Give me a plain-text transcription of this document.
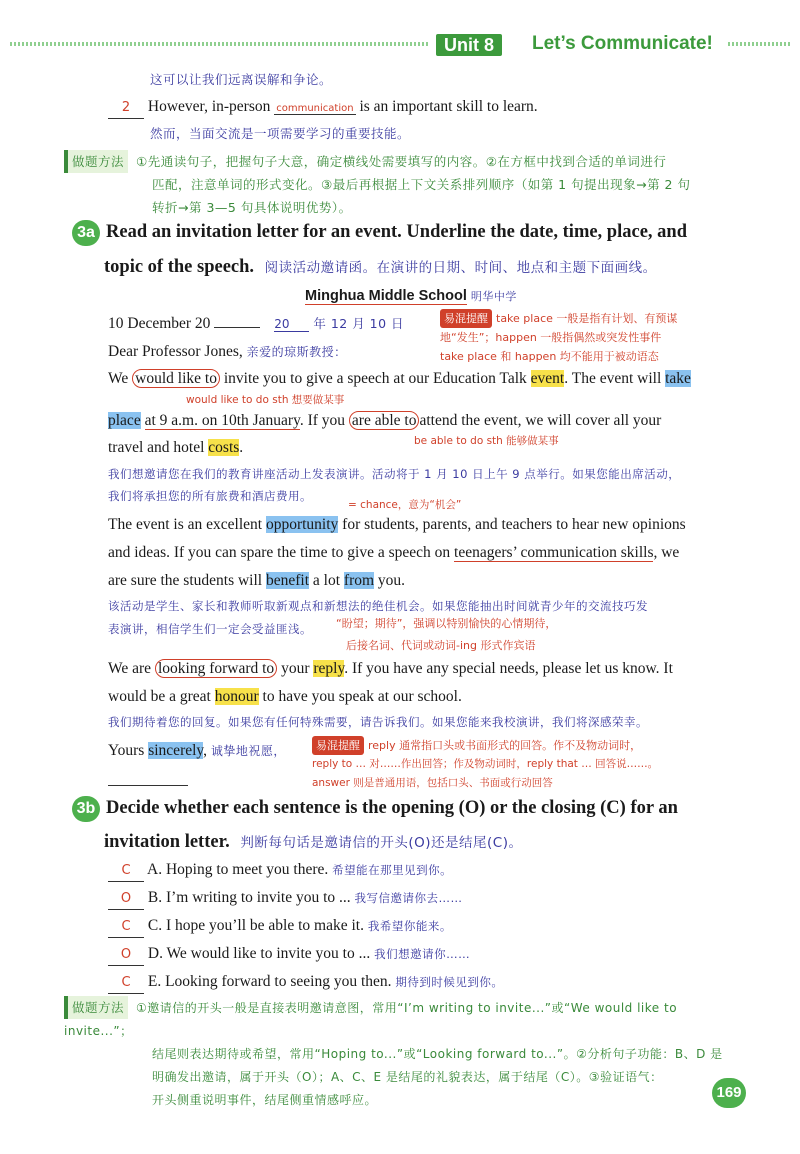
Unit 8	Let’s Communicate!
这可以让我们远离误解和争论。
2 However, in-person communication is an important skill to learn.
然而，当面交流是一项需要学习的重要技能。
做题方法 ①先通读句子，把握句子大意，确定横线处需要填写的内容。②在方框中找到合适的单词进行
匹配，注意单词的形式变化。③最后再根据上下文关系排列顺序（如第 1 句提出现象→第 2 句
转折→第 3—5 句具体说明优势）。
3a Read an invitation letter for an event. Underline the date, time, place, and
topic of the speech. 阅读活动邀请函。在演讲的日期、时间、地点和主题下面画线。
Minghua Middle School 明华中学
10 December 20	20 年 12 月 10 日	易混提醒 take place 一般是指有计划、有预谋
地“发生”；happen 一般指偶然或突发性事件
take place 和 happen 均不能用于被动语态
Dear Professor Jones, 亲爱的琼斯教授：
We would like to invite you to give a speech at our Education Talk event. The event will take
would like to do sth 想要做某事
place at 9 a.m. on 10th January. If you are able to attend the event, we will cover all your
be able to do sth 能够做某事
travel and hotel costs.
我们想邀请您在我们的教育讲座活动上发表演讲。活动将于 1 月 10 日上午 9 点举行。如果您能出席活动，
我们将承担您的所有旅费和酒店费用。
= chance，意为“机会”
The event is an excellent opportunity for students, parents, and teachers to hear new opinions
and ideas. If you can spare the time to give a speech on teenagers’ communication skills, we
are sure the students will benefit a lot from you.
该活动是学生、家长和教师听取新观点和新想法的绝佳机会。如果您能抽出时间就青少年的交流技巧发
表演讲，相信学生们一定会受益匪浅。 “盼望；期待”，强调以特别愉快的心情期待，
后接名词、代词或动词-ing 形式作宾语
We are looking forward to your reply. If you have any special needs, please let us know. It
would be a great honour to have you speak at our school.
我们期待着您的回复。如果您有任何特殊需要，请告诉我们。如果您能来我校演讲，我们将深感荣幸。
Yours sincerely, 诚挚地祝愿，	易混提醒 reply 通常指口头或书面形式的回答。作不及物动词时，
reply to … 对……作出回答；作及物动词时，reply that … 回答说……。
answer 则是普通用语，包括口头、书面或行动回答
3b Decide whether each sentence is the opening (O) or the closing (C) for an
invitation letter. 判断每句话是邀请信的开头(O)还是结尾(C)。
C A. Hoping to meet you there. 希望能在那里见到你。
O B. I’m writing to invite you to ... 我写信邀请你去……
C C. I hope you’ll be able to make it. 我希望你能来。
O D. We would like to invite you to ... 我们想邀请你……
C E. Looking forward to seeing you then. 期待到时候见到你。
做题方法 ①邀请信的开头一般是直接表明邀请意图，常用“I’m writing to invite...”或“We would like to invite...”；
结尾则表达期待或希望，常用“Hoping to...”或“Looking forward to...”。②分析句子功能：B、D 是
明确发出邀请，属于开头（O）；A、C、E 是结尾的礼貌表达，属于结尾（C）。③验证语气：
开头侧重说明事件，结尾侧重情感呼应。	169
